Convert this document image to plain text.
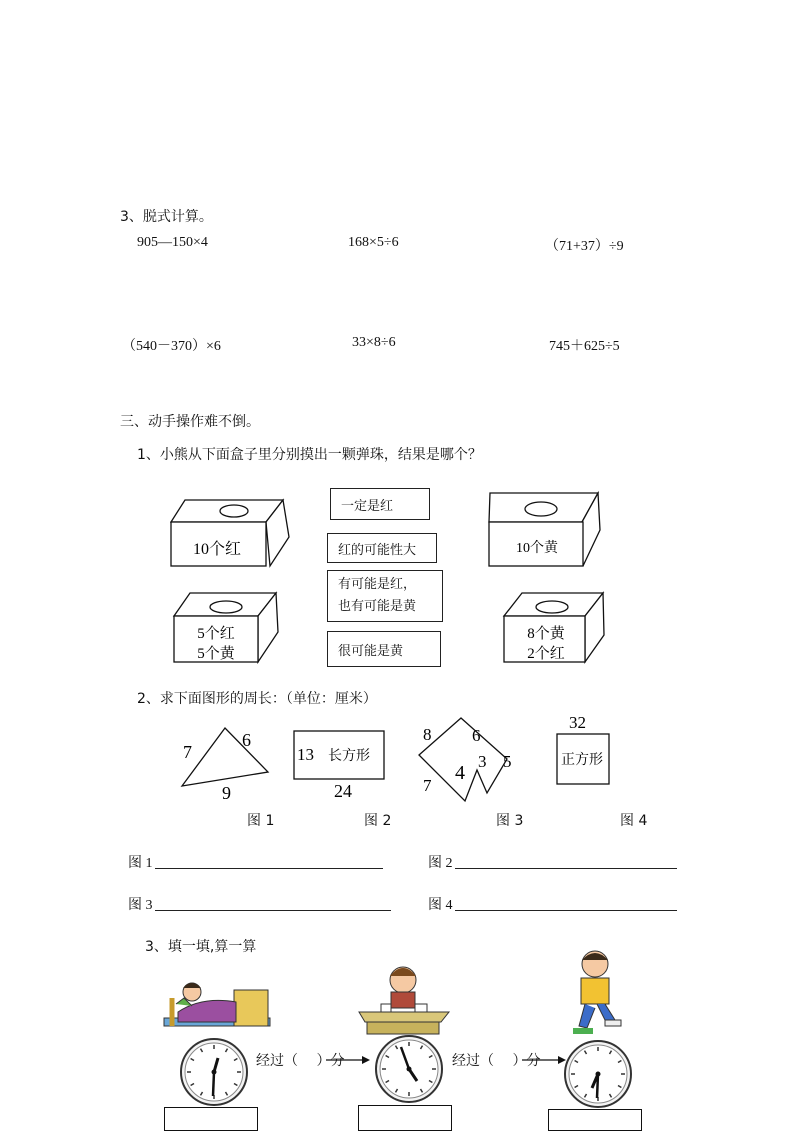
3、脱式计算。
905—150×4	168×5÷6	（71+37）÷9
（540－370）×6	33×8÷6	745＋625÷5
三、动手操作难不倒。
1、小熊从下面盒子里分别摸出一颗弹珠，结果是哪个？
10个红	10个黄
5个红
5个黄
8个黄
2个红
一定是红
红的可能性大
有可能是红，
也有可能是黄
很可能是黄
2、求下面图形的周长：（单位：厘米）
7
6
9
13 长方形
24
8 6
3 5
4
7
32
正方形
图 1	图 2	图 3	图 4
图 1	图 2
图 3	图 4
3、填一填,算一算
经过（　 ）分	经过（　 ）分
